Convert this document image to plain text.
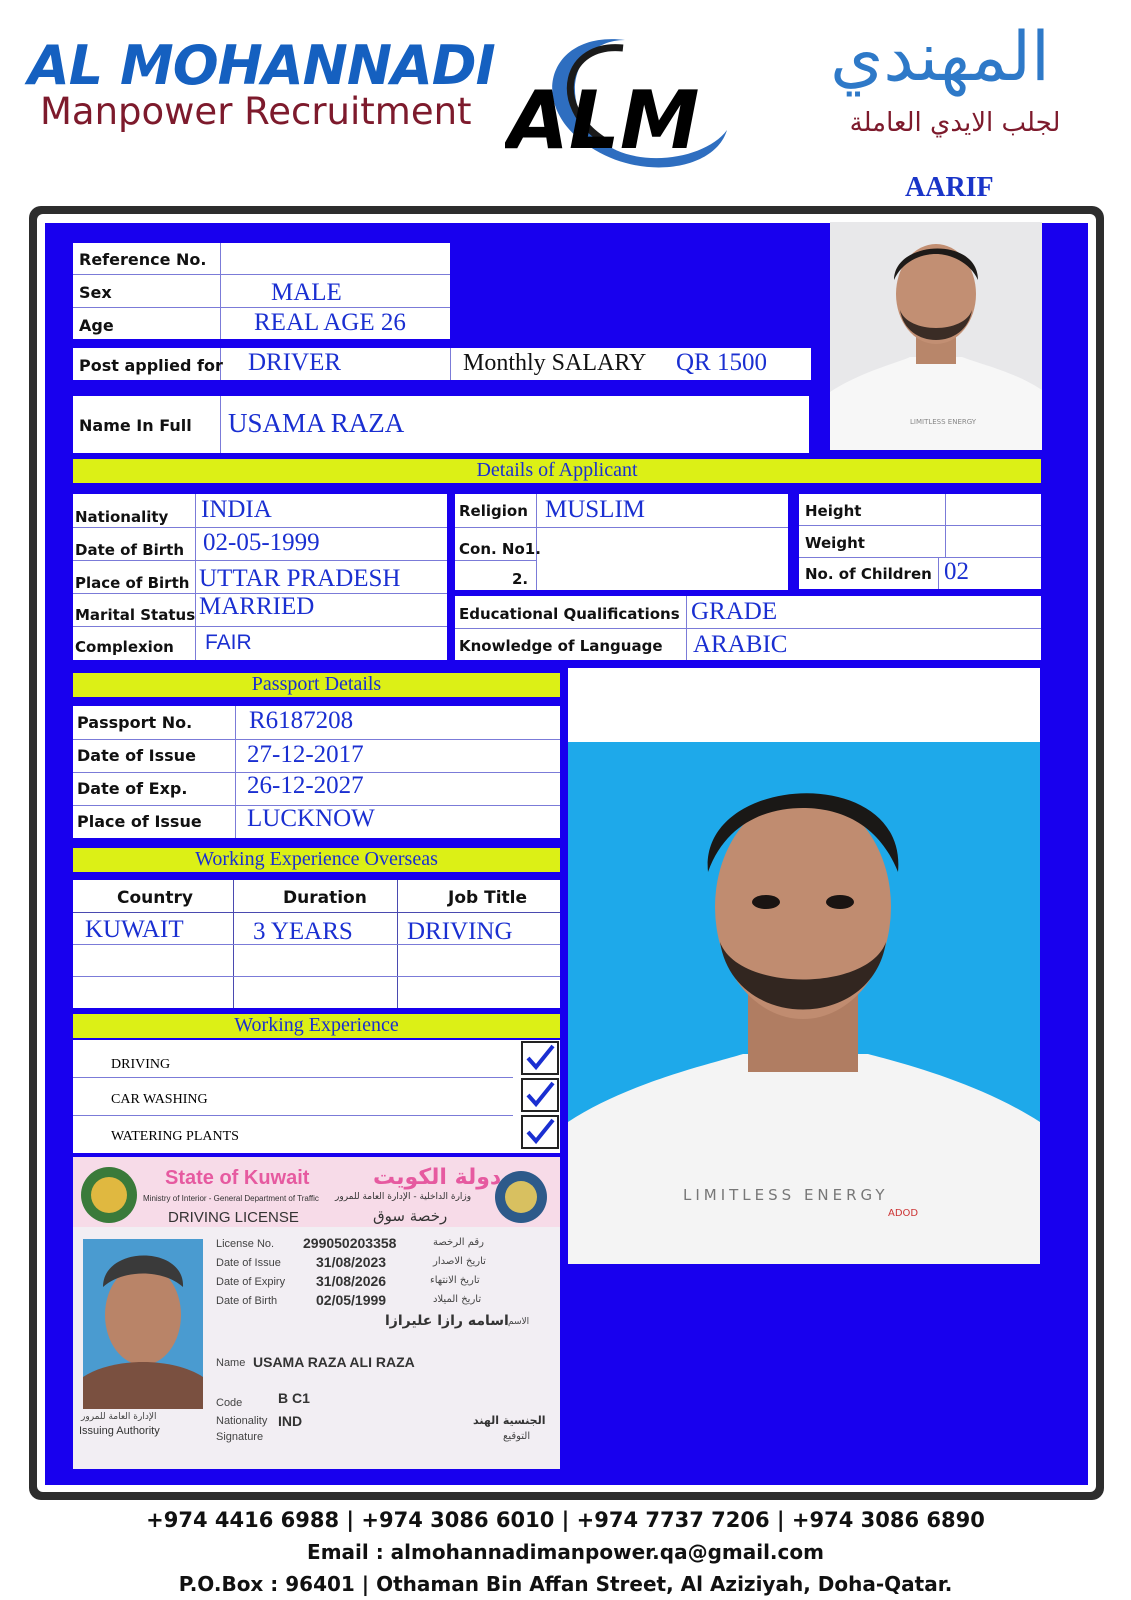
AL MOHANNADI
Manpower Recruitment ALM
المهندي
لجلب الايدي العاملة
AARIF
Reference No.
Sex	MALE
Age	REAL AGE 26
Post applied for DRIVER	Monthly SALARY QR 1500
Name In Full USAMA RAZA
Details of Applicant
Nationality INDIA
Date of Birth 02-05-1999
Place of Birth UTTAR PRADESH
Marital Status MARRIED
Complexion FAIR
Religion MUSLIM
Con. No1.
2.
Height
Weight
No. of Children 02
Educational Qualifications GRADE
Knowledge of Language ARABIC
Passport Details
Passport No. R6187208
Date of Issue 27-12-2017
Date of Exp. 26-12-2027
Place of Issue LUCKNOW
Working Experience Overseas
Country	Duration	Job Title
KUWAIT	3 YEARS DRIVING
Working Experience
DRIVING
CAR WASHING
WATERING PLANTS
LIMITLESS ENERGY
LIMITLESS ENERGY
ADOD
State of Kuwait	دولة الكويت
Ministry of Interior - General Department of Traffic وزارة الداخلية - الإدارة العامة للمرور
DRIVING LICENSE	رخصة سوق
License No. 299050203358	رقم الرخصة
Date of Issue	31/08/2023	تاريخ الاصدار
Date of Expiry 31/08/2026	تاريخ الانتهاء
Date of Birth	02/05/1999	تاريخ الميلاد
اسامه رازا عليرازا الاسم
Name USAMA RAZA ALI RAZA
Code	B C1
Nationality IND	الجنسية الهند
Signature	التوقيع
الإدارة العامة للمرور
Issuing Authority
+974 4416 6988 | +974 3086 6010 | +974 7737 7206 | +974 3086 6890
Email : almohannadimanpower.qa@gmail.com
P.O.Box : 96401 | Othaman Bin Affan Street, Al Aziziyah, Doha-Qatar.
